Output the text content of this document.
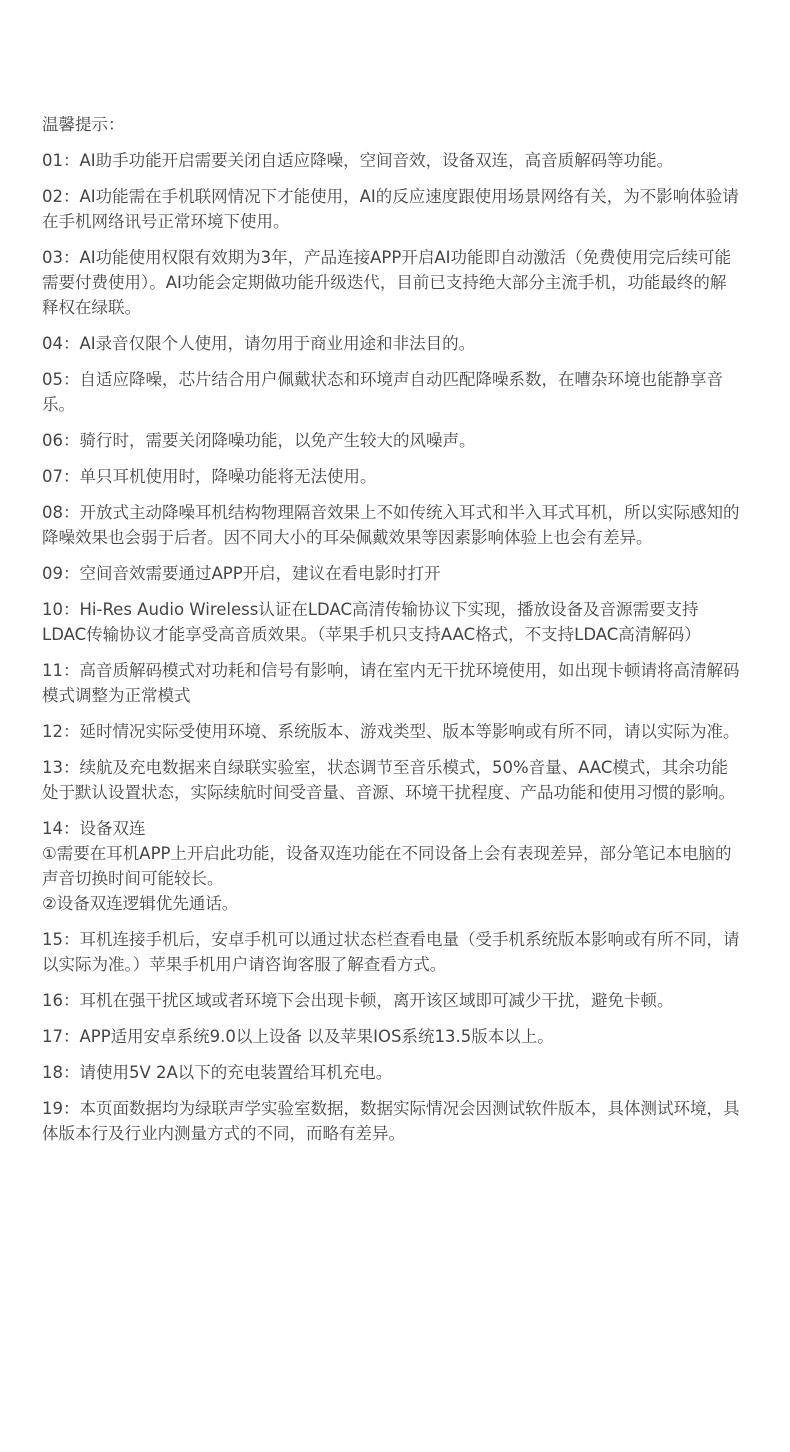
温馨提示：

01：AI助手功能开启需要关闭自适应降噪，空间音效，设备双连，高音质解码等功能。

02：AI功能需在手机联网情况下才能使用，AI的反应速度跟使用场景网络有关，为不影响体验请在手机网络讯号正常环境下使用。

03：AI功能使用权限有效期为3年，产品连接APP开启AI功能即自动激活（免费使用完后续可能需要付费使用）。AI功能会定期做功能升级迭代，目前已支持绝大部分主流手机，功能最终的解释权在绿联。

04：AI录音仅限个人使用，请勿用于商业用途和非法目的。

05：自适应降噪，芯片结合用户佩戴状态和环境声自动匹配降噪系数，在嘈杂环境也能静享音乐。

06：骑行时，需要关闭降噪功能，以免产生较大的风噪声。

07：单只耳机使用时，降噪功能将无法使用。

08：开放式主动降噪耳机结构物理隔音效果上不如传统入耳式和半入耳式耳机，所以实际感知的降噪效果也会弱于后者。因不同大小的耳朵佩戴效果等因素影响体验上也会有差异。

09：空间音效需要通过APP开启，建议在看电影时打开

10：Hi-Res Audio Wireless认证在LDAC高清传输协议下实现，播放设备及音源需要支持LDAC传输协议才能享受高音质效果。（苹果手机只支持AAC格式，不支持LDAC高清解码）

11：高音质解码模式对功耗和信号有影响，请在室内无干扰环境使用，如出现卡顿请将高清解码模式调整为正常模式

12：延时情况实际受使用环境、系统版本、游戏类型、版本等影响或有所不同，请以实际为准。

13：续航及充电数据来自绿联实验室，状态调节至音乐模式，50%音量、AAC模式，其余功能处于默认设置状态，实际续航时间受音量、音源、环境干扰程度、产品功能和使用习惯的影响。

14：设备双连

①需要在耳机APP上开启此功能，设备双连功能在不同设备上会有表现差异，部分笔记本电脑的声音切换时间可能较长。

②设备双连逻辑优先通话。

15：耳机连接手机后，安卓手机可以通过状态栏查看电量（受手机系统版本影响或有所不同，请以实际为准。）苹果手机用户请咨询客服了解查看方式。

16：耳机在强干扰区域或者环境下会出现卡顿，离开该区域即可减少干扰，避免卡顿。

17：APP适用安卓系统9.0以上设备 以及苹果IOS系统13.5版本以上。

18：请使用5V 2A以下的充电装置给耳机充电。

19：本页面数据均为绿联声学实验室数据，数据实际情况会因测试软件版本，具体测试环境，具体版本行及行业内测量方式的不同，而略有差异。
